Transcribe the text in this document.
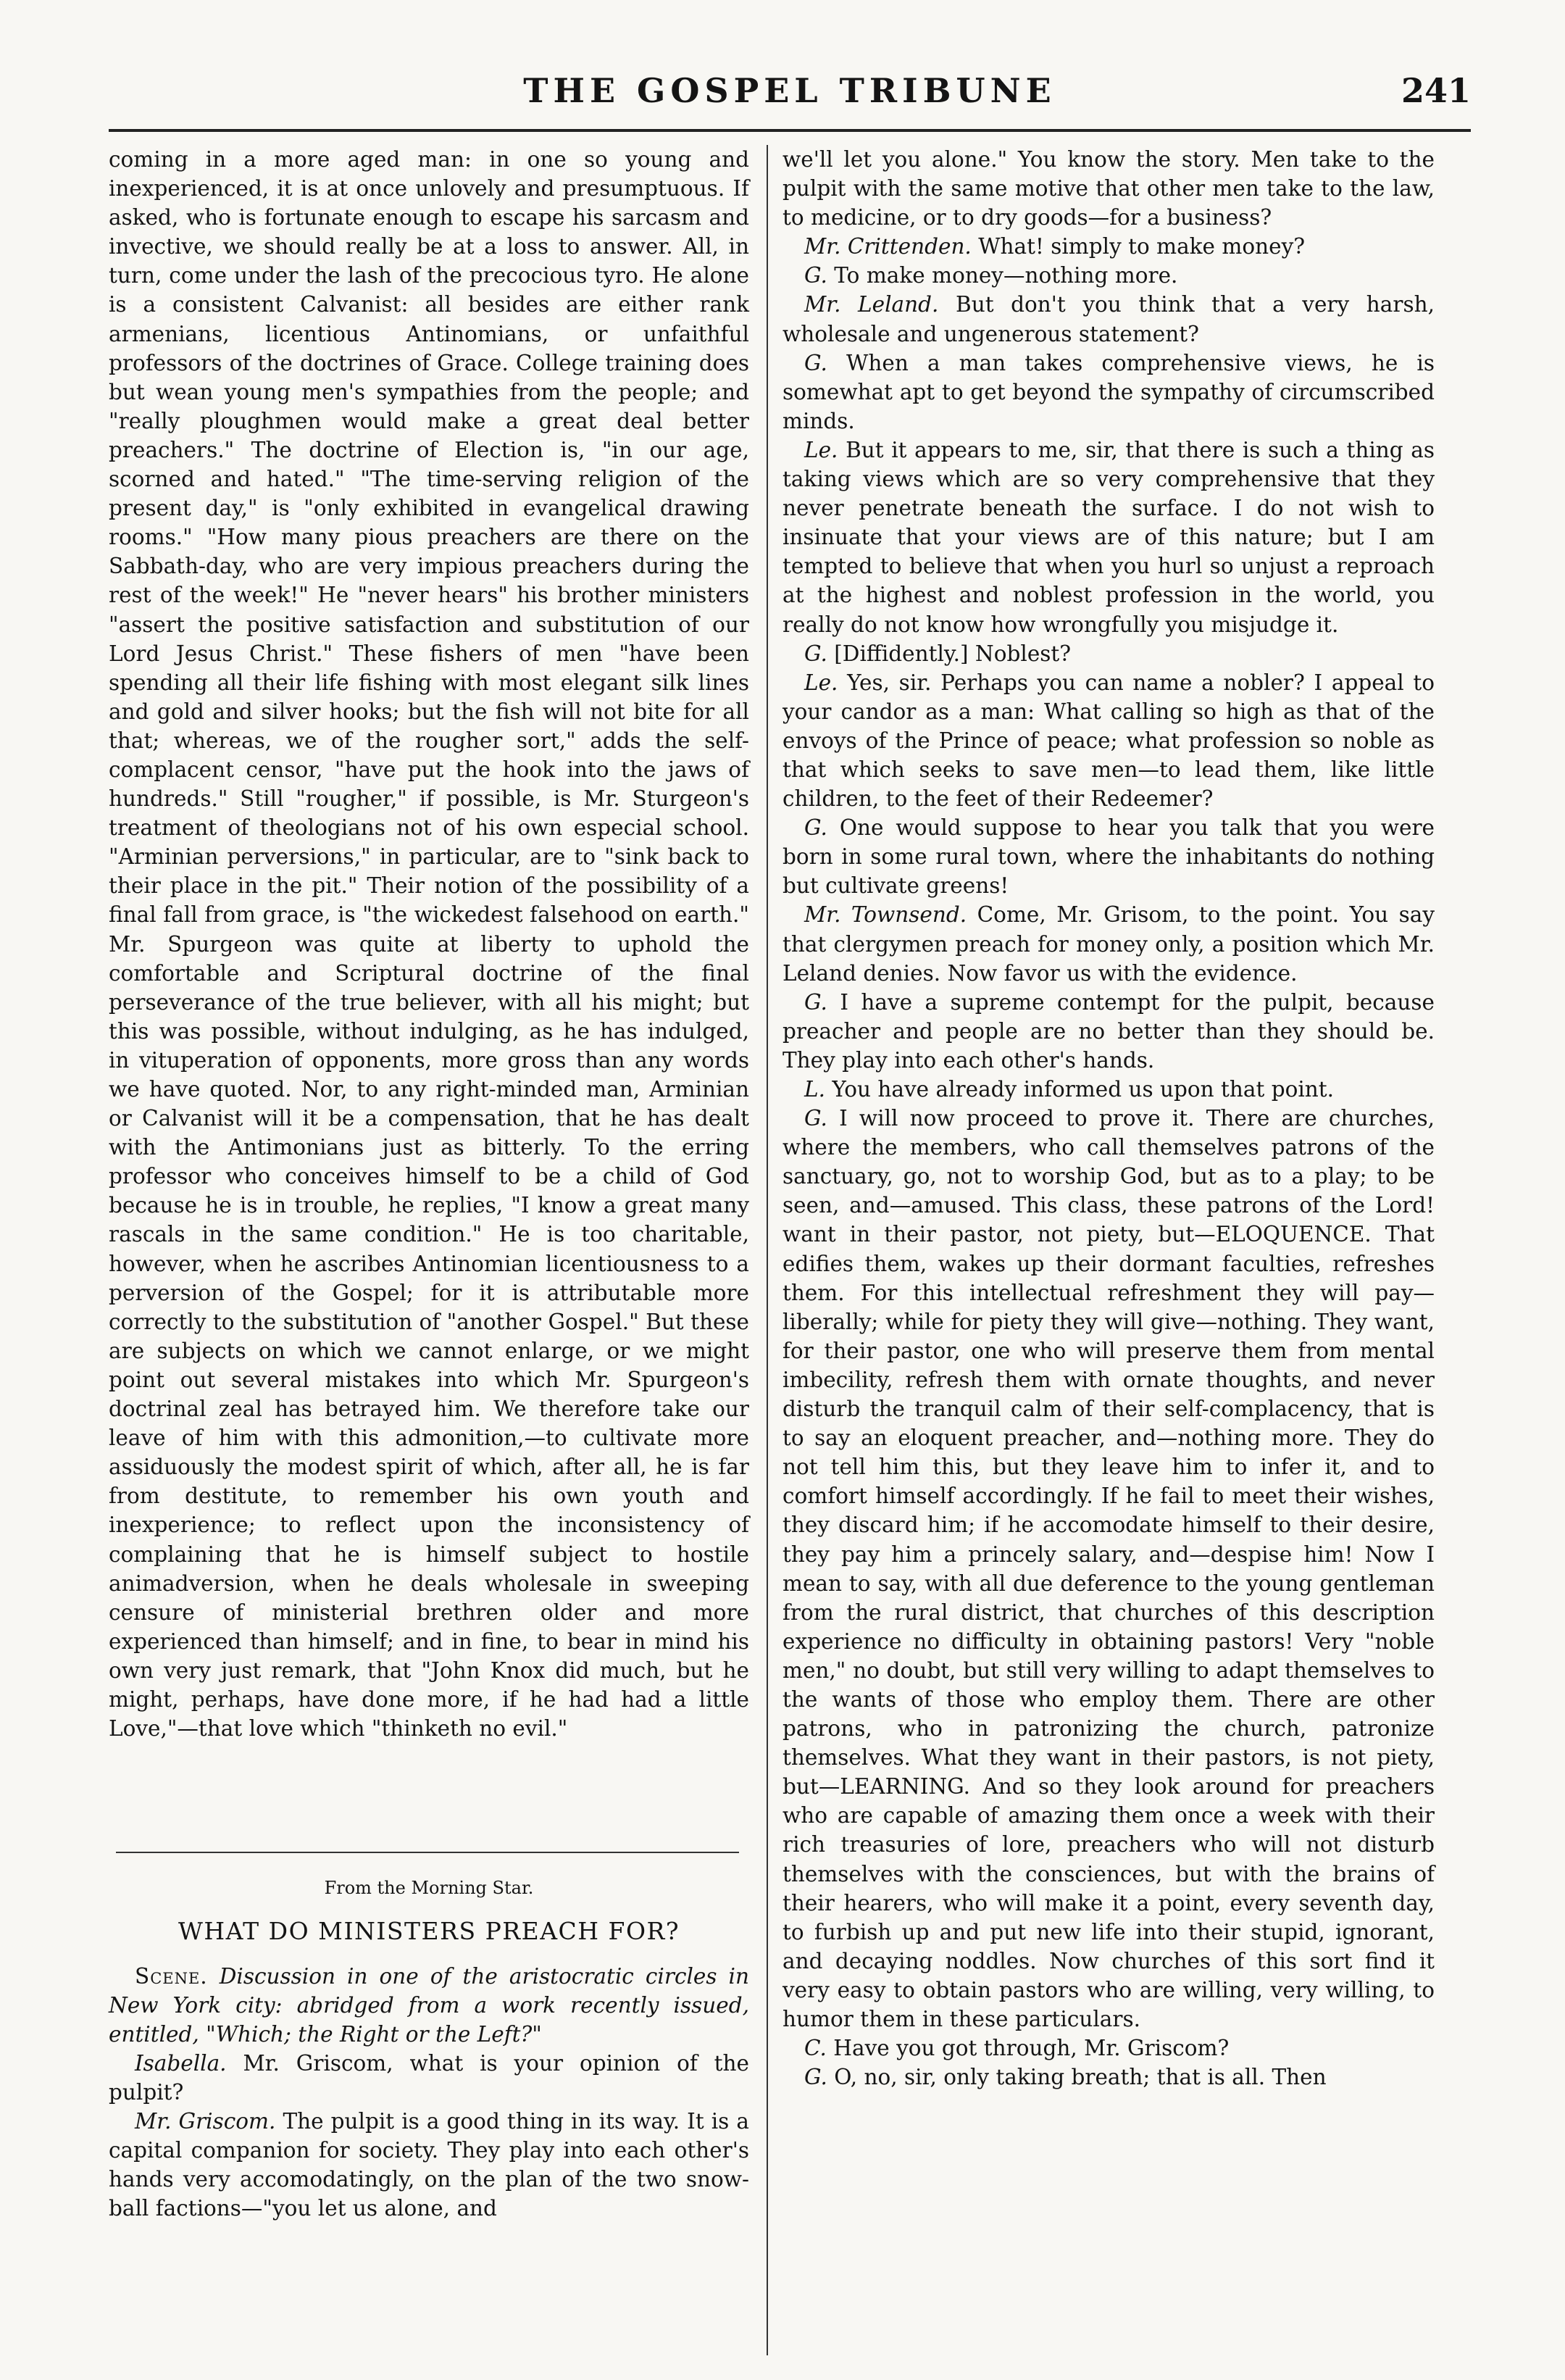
THE GOSPEL TRIBUNE	241

coming in a more aged man: in one so young and inexperienced, it is at once unlovely and presumptuous. If asked, who is fortunate enough to escape his sarcasm and invective, we should really be at a loss to answer. All, in turn, come under the lash of the precocious tyro. He alone is a consistent Calvanist: all besides are either rank armenians, licentious Antinomians, or unfaithful professors of the doctrines of Grace. College training does but wean young men's sympathies from the people; and "really ploughmen would make a great deal better preachers." The doctrine of Election is, "in our age, scorned and hated." "The time-serving religion of the present day," is "only exhibited in evangelical drawing rooms." "How many pious preachers are there on the Sabbath-day, who are very impious preachers during the rest of the week!" He "never hears" his brother ministers "assert the positive satisfaction and substitution of our Lord Jesus Christ." These fishers of men "have been spending all their life fishing with most elegant silk lines and gold and silver hooks; but the fish will not bite for all that; whereas, we of the rougher sort," adds the self-complacent censor, "have put the hook into the jaws of hundreds." Still "rougher," if possible, is Mr. Sturgeon's treatment of theologians not of his own especial school. "Arminian perversions," in particular, are to "sink back to their place in the pit." Their notion of the possibility of a final fall from grace, is "the wickedest falsehood on earth." Mr. Spurgeon was quite at liberty to uphold the comfortable and Scriptural doctrine of the final perseverance of the true believer, with all his might; but this was possible, without indulging, as he has indulged, in vituperation of opponents, more gross than any words we have quoted. Nor, to any right-minded man, Arminian or Calvanist will it be a compensation, that he has dealt with the Antimonians just as bitterly. To the erring professor who conceives himself to be a child of God because he is in trouble, he replies, "I know a great many rascals in the same condition." He is too charitable, however, when he ascribes Antinomian licentiousness to a perversion of the Gospel; for it is attributable more correctly to the substitution of "another Gospel." But these are subjects on which we cannot enlarge, or we might point out several mistakes into which Mr. Spurgeon's doctrinal zeal has betrayed him. We therefore take our leave of him with this admonition,—to cultivate more assiduously the modest spirit of which, after all, he is far from destitute, to remember his own youth and inexperience; to reflect upon the inconsistency of complaining that he is himself subject to hostile animadversion, when he deals wholesale in sweeping censure of ministerial brethren older and more experienced than himself; and in fine, to bear in mind his own very just remark, that "John Knox did much, but he might, perhaps, have done more, if he had had a little Love,"—that love which "thinketh no evil."

From the Morning Star.

WHAT DO MINISTERS PREACH FOR?

Scene. Discussion in one of the aristocratic circles in New York city: abridged from a work recently issued, entitled, "Which; the Right or the Left?"

Isabella. Mr. Griscom, what is your opinion of the pulpit?

Mr. Griscom. The pulpit is a good thing in its way. It is a capital companion for society. They play into each other's hands very accomodatingly, on the plan of the two snow-ball factions—"you let us alone, and

we'll let you alone." You know the story. Men take to the pulpit with the same motive that other men take to the law, to medicine, or to dry goods—for a business?

Mr. Crittenden. What! simply to make money?

G. To make money—nothing more.

Mr. Leland. But don't you think that a very harsh, wholesale and ungenerous statement?

G. When a man takes comprehensive views, he is somewhat apt to get beyond the sympathy of circumscribed minds.

Le. But it appears to me, sir, that there is such a thing as taking views which are so very comprehensive that they never penetrate beneath the surface. I do not wish to insinuate that your views are of this nature; but I am tempted to believe that when you hurl so unjust a reproach at the highest and noblest profession in the world, you really do not know how wrongfully you misjudge it.

G. [Diffidently.] Noblest?

Le. Yes, sir. Perhaps you can name a nobler? I appeal to your candor as a man: What calling so high as that of the envoys of the Prince of peace; what profession so noble as that which seeks to save men—to lead them, like little children, to the feet of their Redeemer?

G. One would suppose to hear you talk that you were born in some rural town, where the inhabitants do nothing but cultivate greens!

Mr. Townsend. Come, Mr. Grisom, to the point. You say that clergymen preach for money only, a position which Mr. Leland denies. Now favor us with the evidence.

G. I have a supreme contempt for the pulpit, because preacher and people are no better than they should be. They play into each other's hands.

L. You have already informed us upon that point.

G. I will now proceed to prove it. There are churches, where the members, who call themselves patrons of the sanctuary, go, not to worship God, but as to a play; to be seen, and—amused. This class, these patrons of the Lord! want in their pastor, not piety, but—ELOQUENCE. That edifies them, wakes up their dormant faculties, refreshes them. For this intellectual refreshment they will pay—liberally; while for piety they will give—nothing. They want, for their pastor, one who will preserve them from mental imbecility, refresh them with ornate thoughts, and never disturb the tranquil calm of their self-complacency, that is to say an eloquent preacher, and—nothing more. They do not tell him this, but they leave him to infer it, and to comfort himself accordingly. If he fail to meet their wishes, they discard him; if he accomodate himself to their desire, they pay him a princely salary, and—despise him! Now I mean to say, with all due deference to the young gentleman from the rural district, that churches of this description experience no difficulty in obtaining pastors! Very "noble men," no doubt, but still very willing to adapt themselves to the wants of those who employ them. There are other patrons, who in patronizing the church, patronize themselves. What they want in their pastors, is not piety, but—LEARNING. And so they look around for preachers who are capable of amazing them once a week with their rich treasuries of lore, preachers who will not disturb themselves with the consciences, but with the brains of their hearers, who will make it a point, every seventh day, to furbish up and put new life into their stupid, ignorant, and decaying noddles. Now churches of this sort find it very easy to obtain pastors who are willing, very willing, to humor them in these particulars.

C. Have you got through, Mr. Griscom?

G. O, no, sir, only taking breath; that is all. Then
